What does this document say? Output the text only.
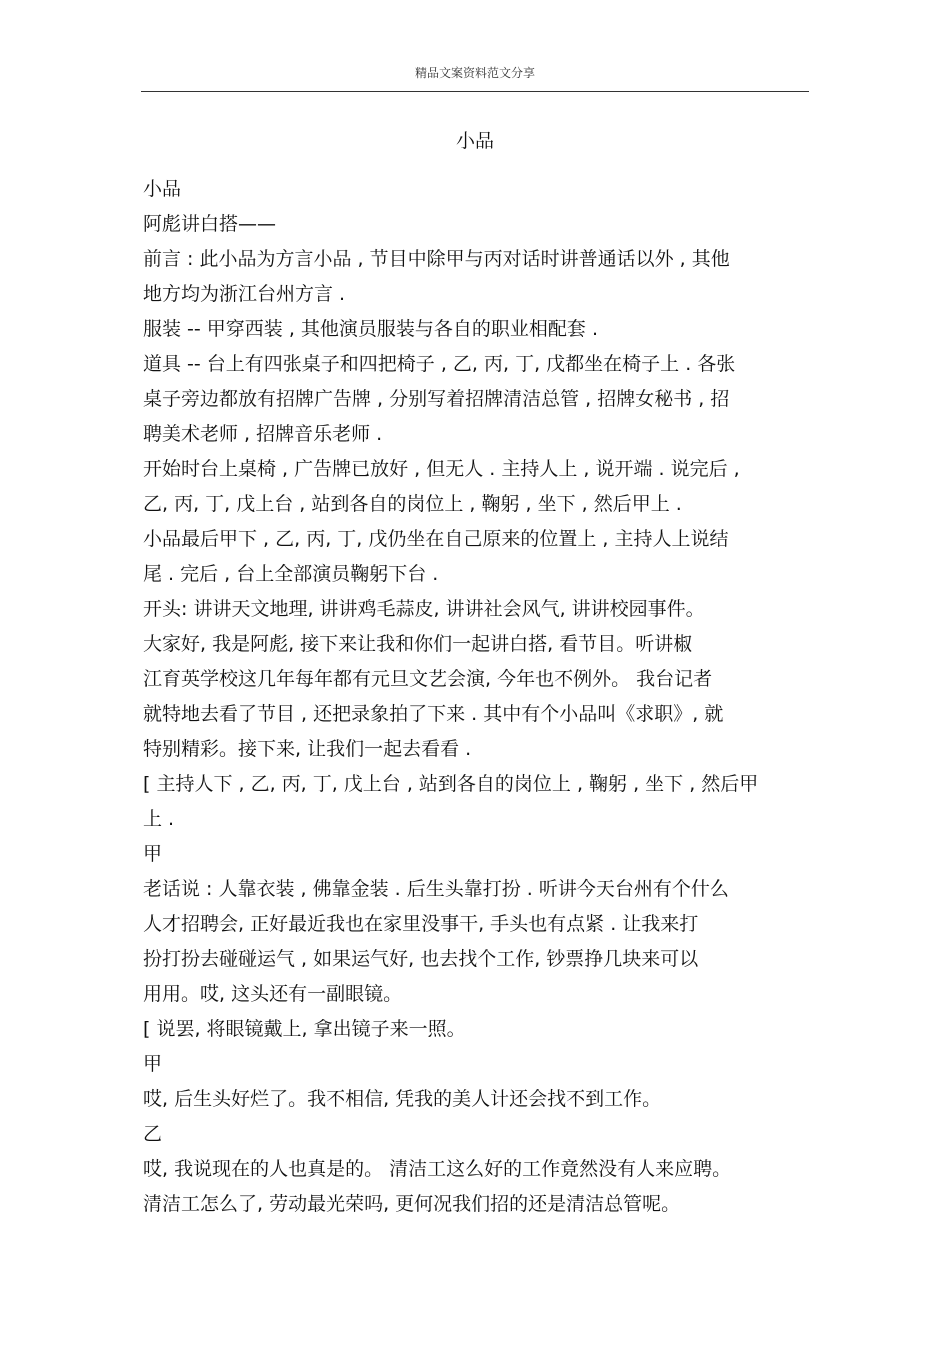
精品文案资料范文分享
小品
小品
阿彪讲白搭——
前言 : 此小品为方言小品 , 节目中除甲与丙对话时讲普通话以外 , 其他
地方均为浙江台州方言 .
服装 -- 甲穿西装 , 其他演员服装与各自的职业相配套 .
道具 -- 台上有四张桌子和四把椅子 , 乙, 丙, 丁, 戊都坐在椅子上 . 各张
桌子旁边都放有招牌广告牌 , 分别写着招牌清洁总管 , 招牌女秘书 , 招
聘美术老师 , 招牌音乐老师 .
开始时台上桌椅 , 广告牌已放好 , 但无人 . 主持人上 , 说开端 . 说完后 ,
乙, 丙, 丁, 戊上台 , 站到各自的岗位上 , 鞠躬 , 坐下 , 然后甲上 .
小品最后甲下 , 乙, 丙, 丁, 戊仍坐在自己原来的位置上 , 主持人上说结
尾 . 完后 , 台上全部演员鞠躬下台 .
开头: 讲讲天文地理, 讲讲鸡毛蒜皮, 讲讲社会风气, 讲讲校园事件。
大家好, 我是阿彪, 接下来让我和你们一起讲白搭, 看节目。听讲椒
江育英学校这几年每年都有元旦文艺会演, 今年也不例外。 我台记者
就特地去看了节目 , 还把录象拍了下来 . 其中有个小品叫《求职》, 就
特别精彩。接下来, 让我们一起去看看 .
[ 主持人下 , 乙, 丙, 丁, 戊上台 , 站到各自的岗位上 , 鞠躬 , 坐下 , 然后甲
上 .
甲
老话说 : 人靠衣装 , 佛靠金装 . 后生头靠打扮 . 听讲今天台州有个什么
人才招聘会, 正好最近我也在家里没事干, 手头也有点紧 . 让我来打
扮打扮去碰碰运气 , 如果运气好, 也去找个工作, 钞票挣几块来可以
用用。哎, 这头还有一副眼镜。
[ 说罢, 将眼镜戴上, 拿出镜子来一照。
甲
哎, 后生头好烂了。我不相信, 凭我的美人计还会找不到工作。
乙
哎, 我说现在的人也真是的。 清洁工这么好的工作竟然没有人来应聘。
清洁工怎么了, 劳动最光荣吗, 更何况我们招的还是清洁总管呢。
